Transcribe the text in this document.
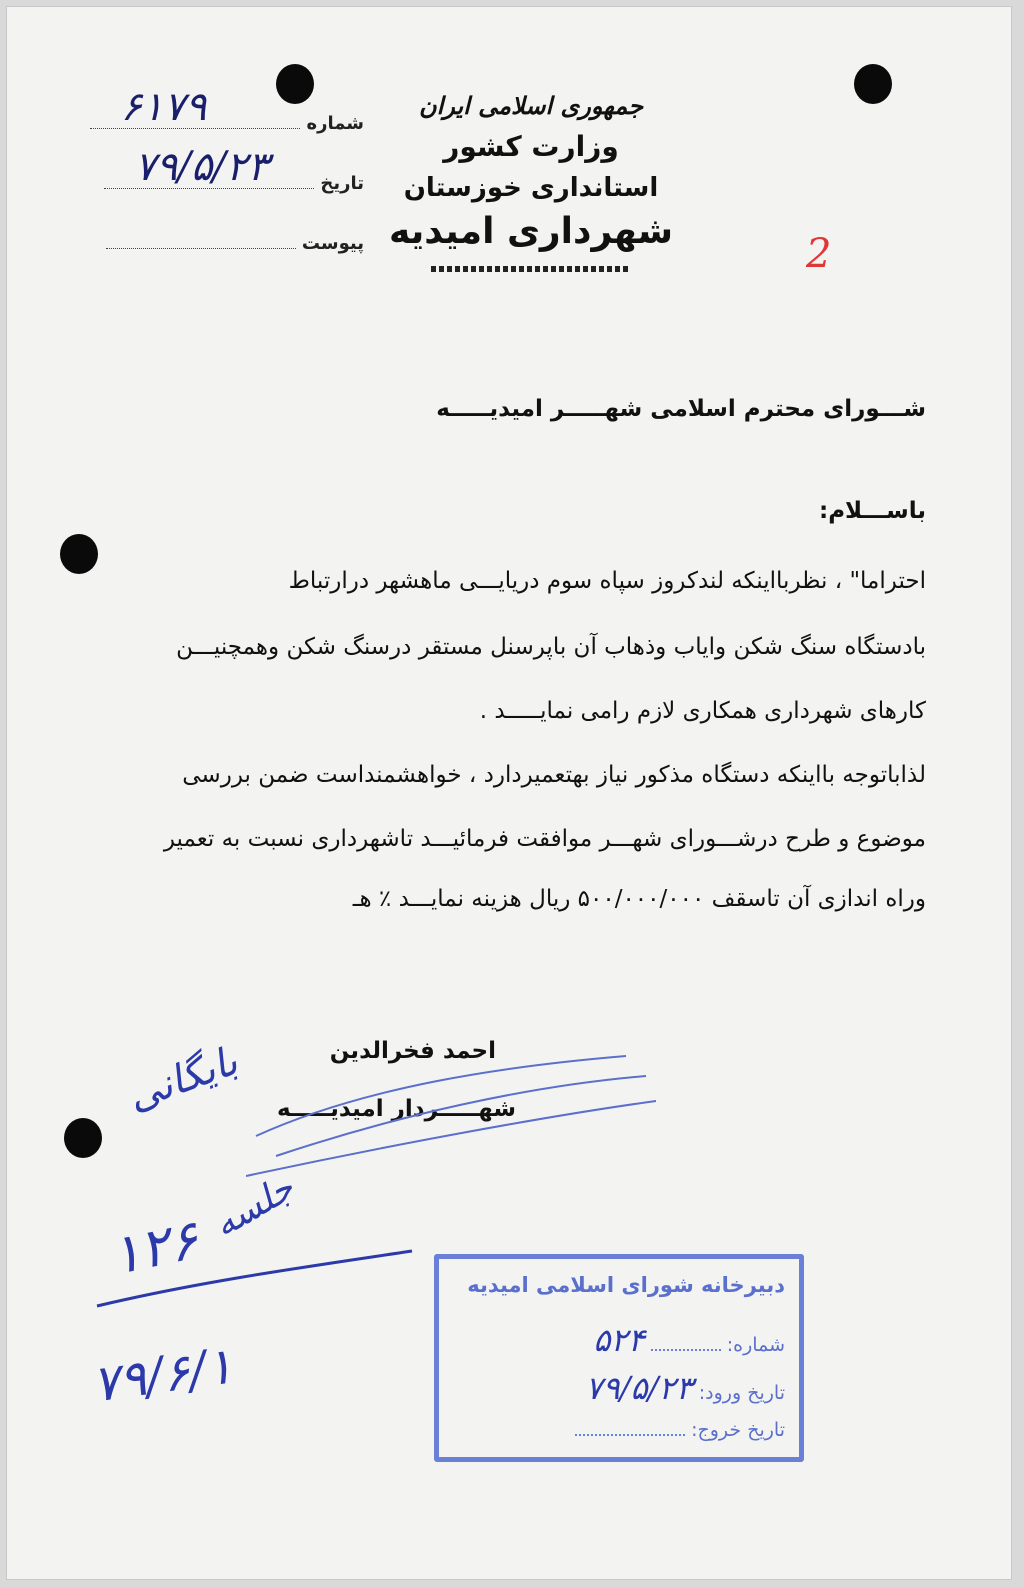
شماره
۶۱۷۹
تاریخ
۷۹/۵/۲۳
پیوست
جمهوری اسلامی ایران
وزارت کشور
استانداری خوزستان
شهرداری امیدیه	2
شـــورای محترم اسلامی شهـــــر امیدیـــــه
باســـلام:
احتراما" ، نظربااینکه لندکروز سپاه سوم دریایـــی ماهشهر درارتباط
بادستگاه سنگ شکن وایاب وذهاب آن باپرسنل مستقر درسنگ شکن وهمچنیـــن
کارهای شهرداری همکاری لازم رامی نمایـــــد .
لذاباتوجه بااینکه دستگاه مذکور نیاز بهتعمیردارد ، خواهشمنداست ضمن بررسی
موضوع و طرح درشـــورای شهـــر موافقت فرمائیـــد تاشهرداری نسبت به تعمیر
وراه اندازی آن تاسقف ۵۰۰/۰۰۰/۰۰۰ ریال هزینه نمایـــد ٪ هـ
احمد فخرالدین
شهـــــردار امیدیـــــه
بایگانی
جلسه
۱۲۶
۷۹/۶/۱
دبیرخانه شورای اسلامی امیدیه
شماره:
۵۲۴
تاریخ ورود:
۷۹/۵/۲۳
تاریخ خروج:
